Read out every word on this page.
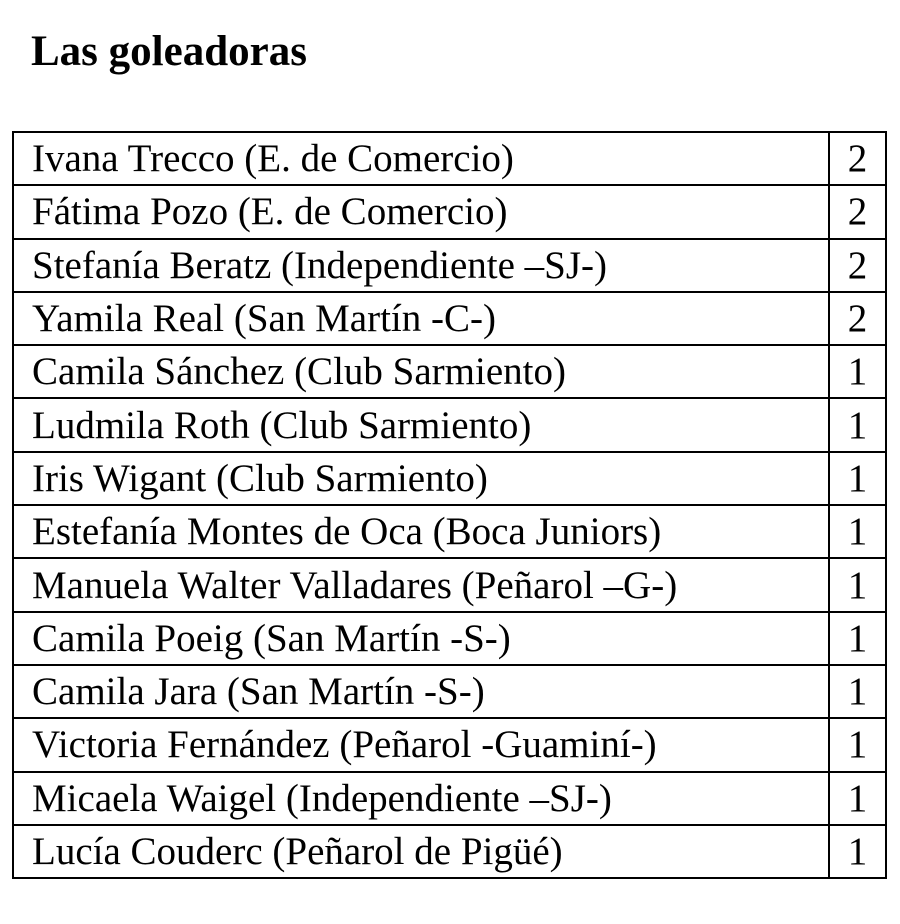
Las goleadoras
Ivana Trecco (E. de Comercio)	2
Fátima Pozo (E. de Comercio)	2
Stefanía Beratz (Independiente –SJ-)	2
Yamila Real (San Martín -C-)	2
Camila Sánchez (Club Sarmiento)	1
Ludmila Roth (Club Sarmiento)	1
Iris Wigant (Club Sarmiento)	1
Estefanía Montes de Oca (Boca Juniors)	1
Manuela Walter Valladares (Peñarol –G-)	1
Camila Poeig (San Martín -S-)	1
Camila Jara (San Martín -S-)	1
Victoria Fernández (Peñarol -Guaminí-)	1
Micaela Waigel (Independiente –SJ-)	1
Lucía Couderc (Peñarol de Pigüé)	1
